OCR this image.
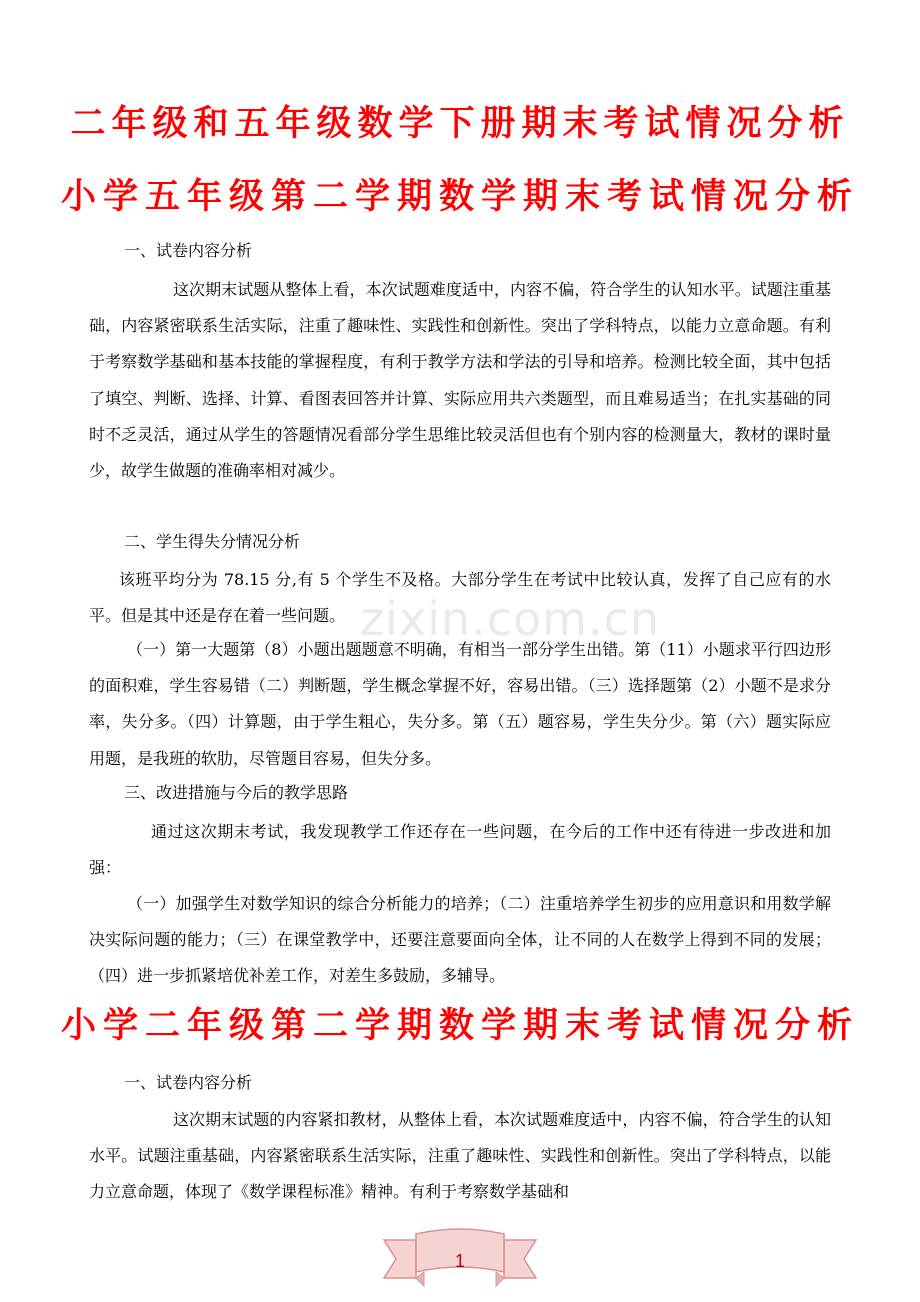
二年级和五年级数学下册期末考试情况分析
小学五年级第二学期数学期末考试情况分析
一、试卷内容分析
这次期末试题从整体上看，本次试题难度适中，内容不偏，符合学生的认知水平。试题注重基础，内容紧密联系生活实际，注重了趣味性、实践性和创新性。突出了学科特点，以能力立意命题。有利于考察数学基础和基本技能的掌握程度，有利于教学方法和学法的引导和培养。检测比较全面，其中包括了填空、判断、选择、计算、看图表回答并计算、实际应用共六类题型，而且难易适当；在扎实基础的同时不乏灵活，通过从学生的答题情况看部分学生思维比较灵活但也有个别内容的检测量大，教材的课时量少，故学生做题的准确率相对减少。
二、学生得失分情况分析
该班平均分为 78.15 分,有 5 个学生不及格。大部分学生在考试中比较认真，发挥了自己应有的水平。但是其中还是存在着一些问题。
（一）第一大题第（8）小题出题题意不明确，有相当一部分学生出错。第（11）小题求平行四边形的面积难，学生容易错（二）判断题，学生概念掌握不好，容易出错。（三）选择题第（2）小题不是求分率，失分多。（四）计算题，由于学生粗心，失分多。第（五）题容易，学生失分少。第（六）题实际应用题，是我班的软肋，尽管题目容易，但失分多。
三、改进措施与今后的教学思路
通过这次期末考试，我发现教学工作还存在一些问题，在今后的工作中还有待进一步改进和加强：
（一）加强学生对数学知识的综合分析能力的培养；（二）注重培养学生初步的应用意识和用数学解决实际问题的能力；（三）在课堂教学中，还要注意要面向全体，让不同的人在数学上得到不同的发展；（四）进一步抓紧培优补差工作，对差生多鼓励，多辅导。
小学二年级第二学期数学期末考试情况分析
一、试卷内容分析
这次期末试题的内容紧扣教材，从整体上看，本次试题难度适中，内容不偏，符合学生的认知水平。试题注重基础，内容紧密联系生活实际，注重了趣味性、实践性和创新性。突出了学科特点，以能力立意命题，体现了《数学课程标准》精神。有利于考察数学基础和
zixin.com.cn
1
